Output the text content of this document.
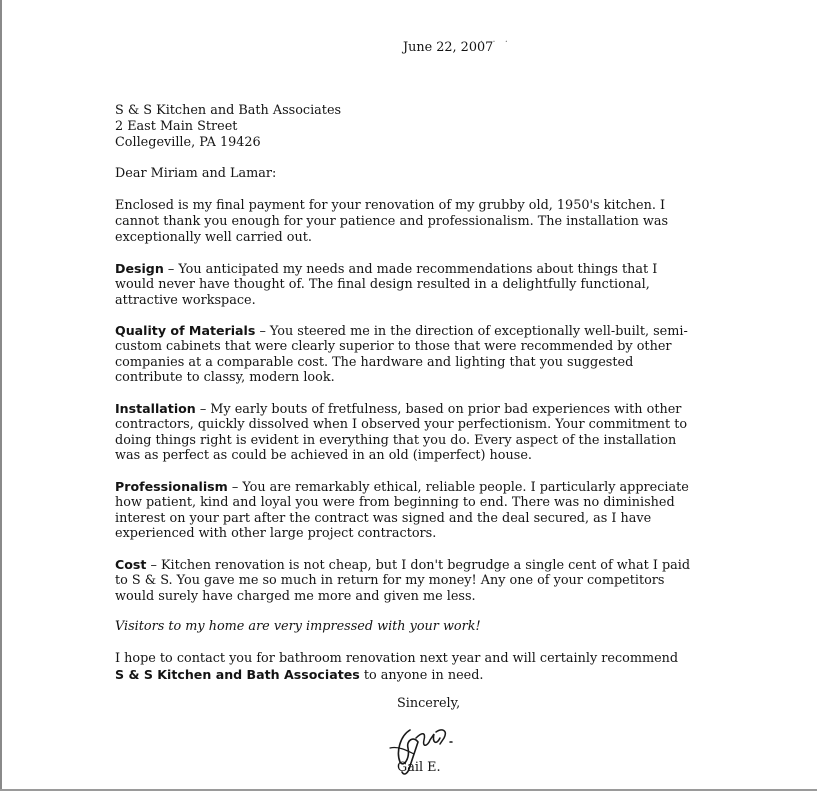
. . .
June 22, 2007
S & S Kitchen and Bath Associates
2 East Main Street
Collegeville, PA 19426
Dear Miriam and Lamar:
Enclosed is my final payment for your renovation of my grubby old, 1950's kitchen. I
cannot thank you enough for your patience and professionalism. The installation was
exceptionally well carried out.
Design – You anticipated my needs and made recommendations about things that I
would never have thought of. The final design resulted in a delightfully functional,
attractive workspace.
Quality of Materials – You steered me in the direction of exceptionally well-built, semi-
custom cabinets that were clearly superior to those that were recommended by other
companies at a comparable cost. The hardware and lighting that you suggested
contribute to classy, modern look.
Installation – My early bouts of fretfulness, based on prior bad experiences with other
contractors, quickly dissolved when I observed your perfectionism. Your commitment to
doing things right is evident in everything that you do. Every aspect of the installation
was as perfect as could be achieved in an old (imperfect) house.
Professionalism – You are remarkably ethical, reliable people. I particularly appreciate
how patient, kind and loyal you were from beginning to end. There was no diminished
interest on your part after the contract was signed and the deal secured, as I have
experienced with other large project contractors.
Cost – Kitchen renovation is not cheap, but I don't begrudge a single cent of what I paid
to S & S. You gave me so much in return for my money! Any one of your competitors
would surely have charged me more and given me less.
Visitors to my home are very impressed with your work!
I hope to contact you for bathroom renovation next year and will certainly recommend
S & S Kitchen and Bath Associates to anyone in need.
Sincerely,
Gail E.
